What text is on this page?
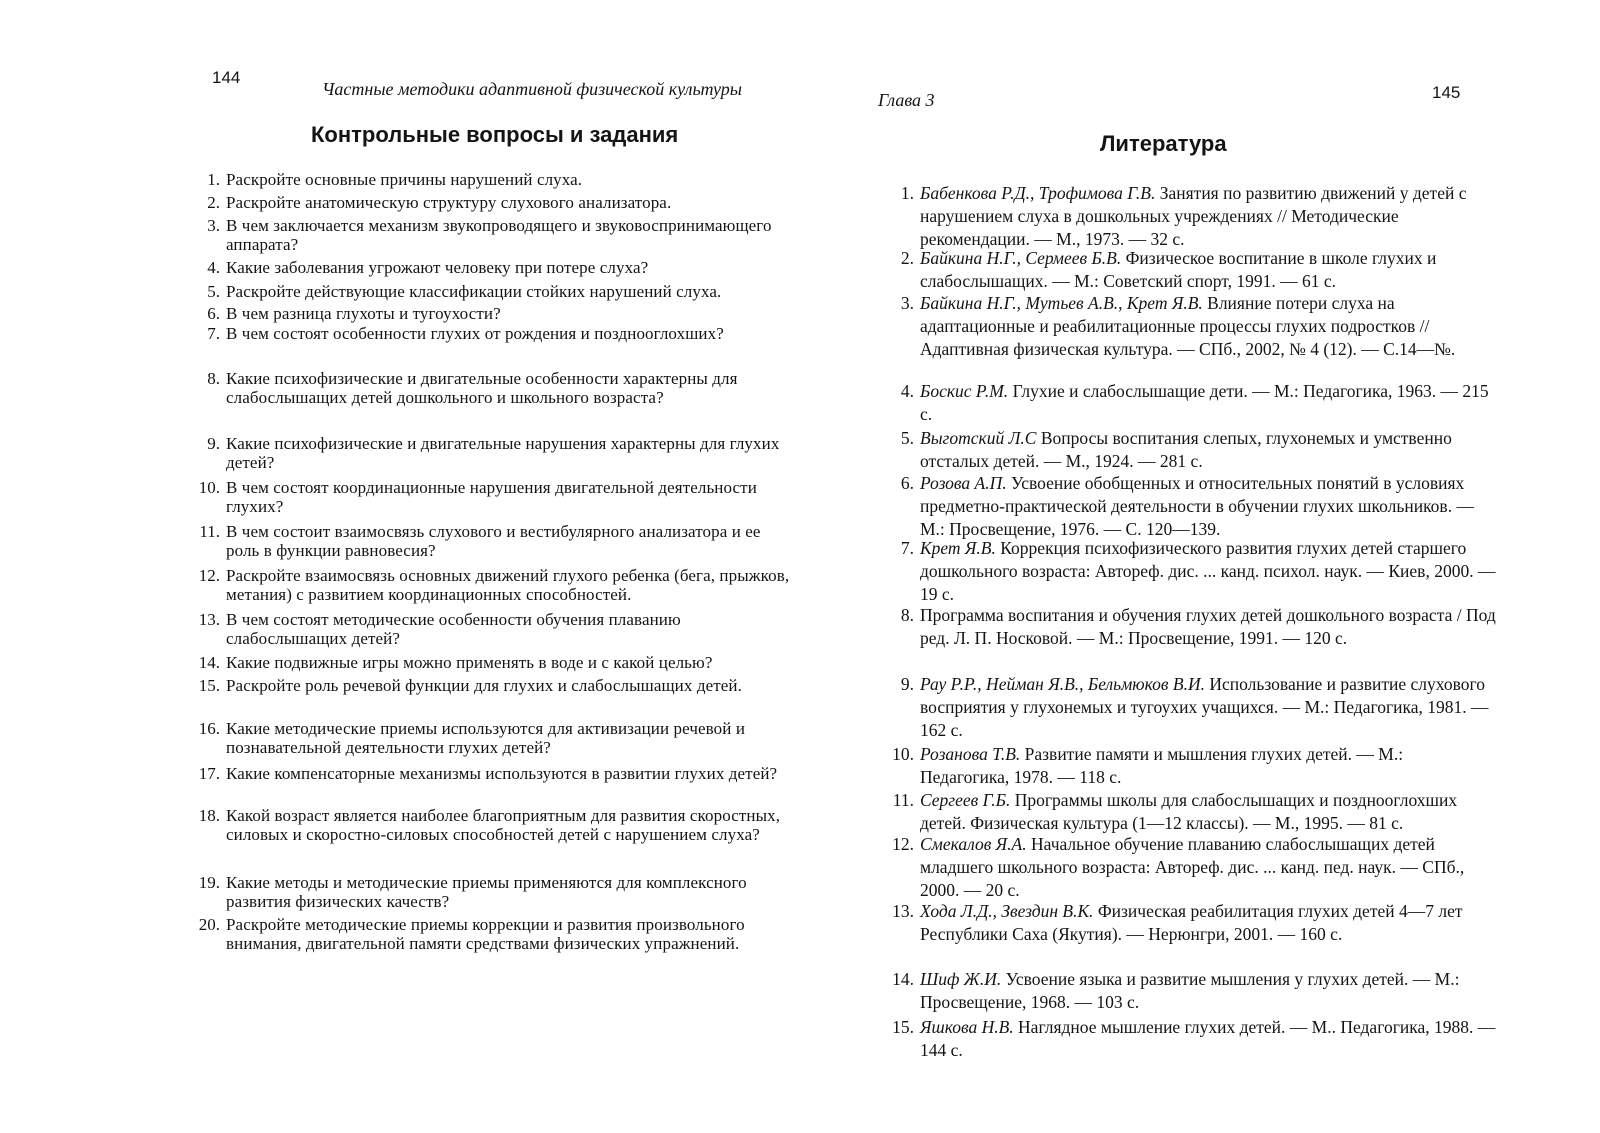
144
Частные методики адаптивной физической культуры
Контрольные вопросы и задания
1. Раскройте основные причины нарушений слуха.
2. Раскройте анатомическую структуру слухового анализатора.
3. В чем заключается механизм звукопроводящего и звуковоспринимающего аппарата?
4. Какие заболевания угрожают человеку при потере слуха?
5. Раскройте действующие классификации стойких нарушений слуха.
6. В чем разница глухоты и тугоухости?
7. В чем состоят особенности глухих от рождения и позднооглохших?
8. Какие психофизические и двигательные особенности характерны для слабослышащих детей дошкольного и школьного возраста?
9. Какие психофизические и двигательные нарушения характерны для глухих детей?
10. В чем состоят координационные нарушения двигательной деятельности глухих?
11. В чем состоит взаимосвязь слухового и вестибулярного анализатора и ее роль в функции равновесия?
12. Раскройте взаимосвязь основных движений глухого ребенка (бега, прыжков, метания) с развитием координационных способностей.
13. В чем состоят методические особенности обучения плаванию слабослышащих детей?
14. Какие подвижные игры можно применять в воде и с какой целью?
15. Раскройте роль речевой функции для глухих и слабослышащих детей.
16. Какие методические приемы используются для активизации речевой и познавательной деятельности глухих детей?
17. Какие компенсаторные механизмы используются в развитии глухих детей?
18. Какой возраст является наиболее благоприятным для развития скоростных, силовых и скоростно-силовых способностей детей с нарушением слуха?
19. Какие методы и методические приемы применяются для комплексного развития физических качеств?
20. Раскройте методические приемы коррекции и развития произвольного внимания, двигательной памяти средствами физических упражнений.
Глава 3	145
Литература
1. Бабенкова Р.Д., Трофимова Г.В. Занятия по развитию движений у детей с нарушением слуха в дошкольных учреждениях // Методические рекомендации. — М., 1973. — 32 с.
2. Байкина Н.Г., Сермеев Б.В. Физическое воспитание в школе глухих и слабослышащих. — М.: Советский спорт, 1991. — 61 с.
3. Байкина Н.Г., Мутьев А.В., Крет Я.В. Влияние потери слуха на адаптационные и реабилитационные процессы глухих подростков // Адаптивная физическая культура. — СПб., 2002, № 4 (12). — С.14—№.
4. Боскис Р.М. Глухие и слабослышащие дети. — М.: Педагогика, 1963. — 215 с.
5. Выготский Л.С Вопросы воспитания слепых, глухонемых и умственно отсталых детей. — М., 1924. — 281 с.
6. Розова А.П. Усвоение обобщенных и относительных понятий в условиях предметно-практической деятельности в обучении глухих школьников. — М.: Просвещение, 1976. — С. 120—139.
7. Крет Я.В. Коррекция психофизического развития глухих детей старшего дошкольного возраста: Автореф. дис. ... канд. психол. наук. — Киев, 2000. — 19 с.
8. Программа воспитания и обучения глухих детей дошкольного возраста / Под ред. Л. П. Носковой. — М.: Просвещение, 1991. — 120 с.
9. Рау Р.Р., Нейман Я.В., Бельмюков В.И. Использование и развитие слухового восприятия у глухонемых и тугоухих учащихся. — М.: Педагогика, 1981. — 162 с.
10. Розанова Т.В. Развитие памяти и мышления глухих детей. — М.: Педагогика, 1978. — 118 с.
11. Сергеев Г.Б. Программы школы для слабослышащих и позднооглохших детей. Физическая культура (1—12 классы). — М., 1995. — 81 с.
12. Смекалов Я.А. Начальное обучение плаванию слабослышащих детей младшего школьного возраста: Автореф. дис. ... канд. пед. наук. — СПб., 2000. — 20 с.
13. Хода Л.Д., Звездин В.К. Физическая реабилитация глухих детей 4—7 лет Республики Саха (Якутия). — Нерюнгри, 2001. — 160 с.
14. Шиф Ж.И. Усвоение языка и развитие мышления у глухих детей. — М.: Просвещение, 1968. — 103 с.
15. Яшкова Н.В. Наглядное мышление глухих детей. — М.. Педагогика, 1988. — 144 с.
